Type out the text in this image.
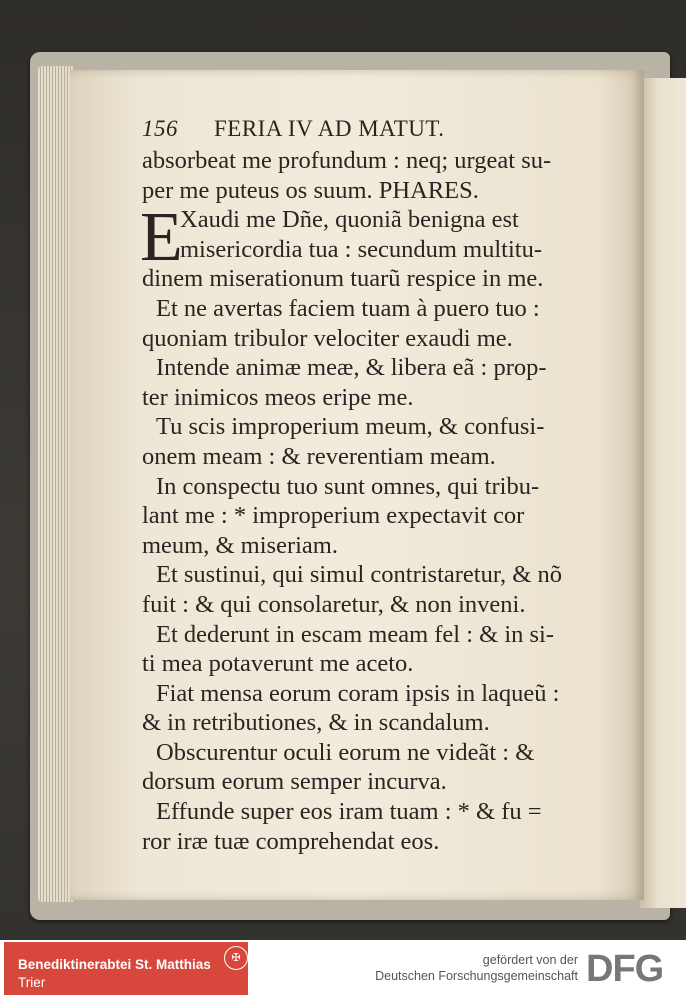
156 FERIA IV AD MATUT.
absorbeat me profundum : neq; urgeat su-
per me puteus os suum. PHARES.
E
Xaudi me Dñe, quoniã benigna est
misericordia tua : secundum multitu-
dinem miserationum tuarũ respice in me.
Et ne avertas faciem tuam à puero tuo :
quoniam tribulor velociter exaudi me.
Intende animæ meæ, & libera eã : prop-
ter inimicos meos eripe me.
Tu scis improperium meum, & confusi-
onem meam : & reverentiam meam.
In conspectu tuo sunt omnes, qui tribu-
lant me : * improperium expectavit cor
meum, & miseriam.
Et sustinui, qui simul contristaretur, & nõ
fuit : & qui consolaretur, & non inveni.
Et dederunt in escam meam fel : & in si-
ti mea potaverunt me aceto.
Fiat mensa eorum coram ipsis in laqueũ :
& in retributiones, & in scandalum.
Obscurentur oculi eorum ne videãt : &
dorsum eorum semper incurva.
Effunde super eos iram tuam : * & fu =
ror iræ tuæ comprehendat eos.
Benediktinerabtei St. Matthias
Trier
✠	gefördert von der
Deutschen Forschungsgemeinschaft DFG
